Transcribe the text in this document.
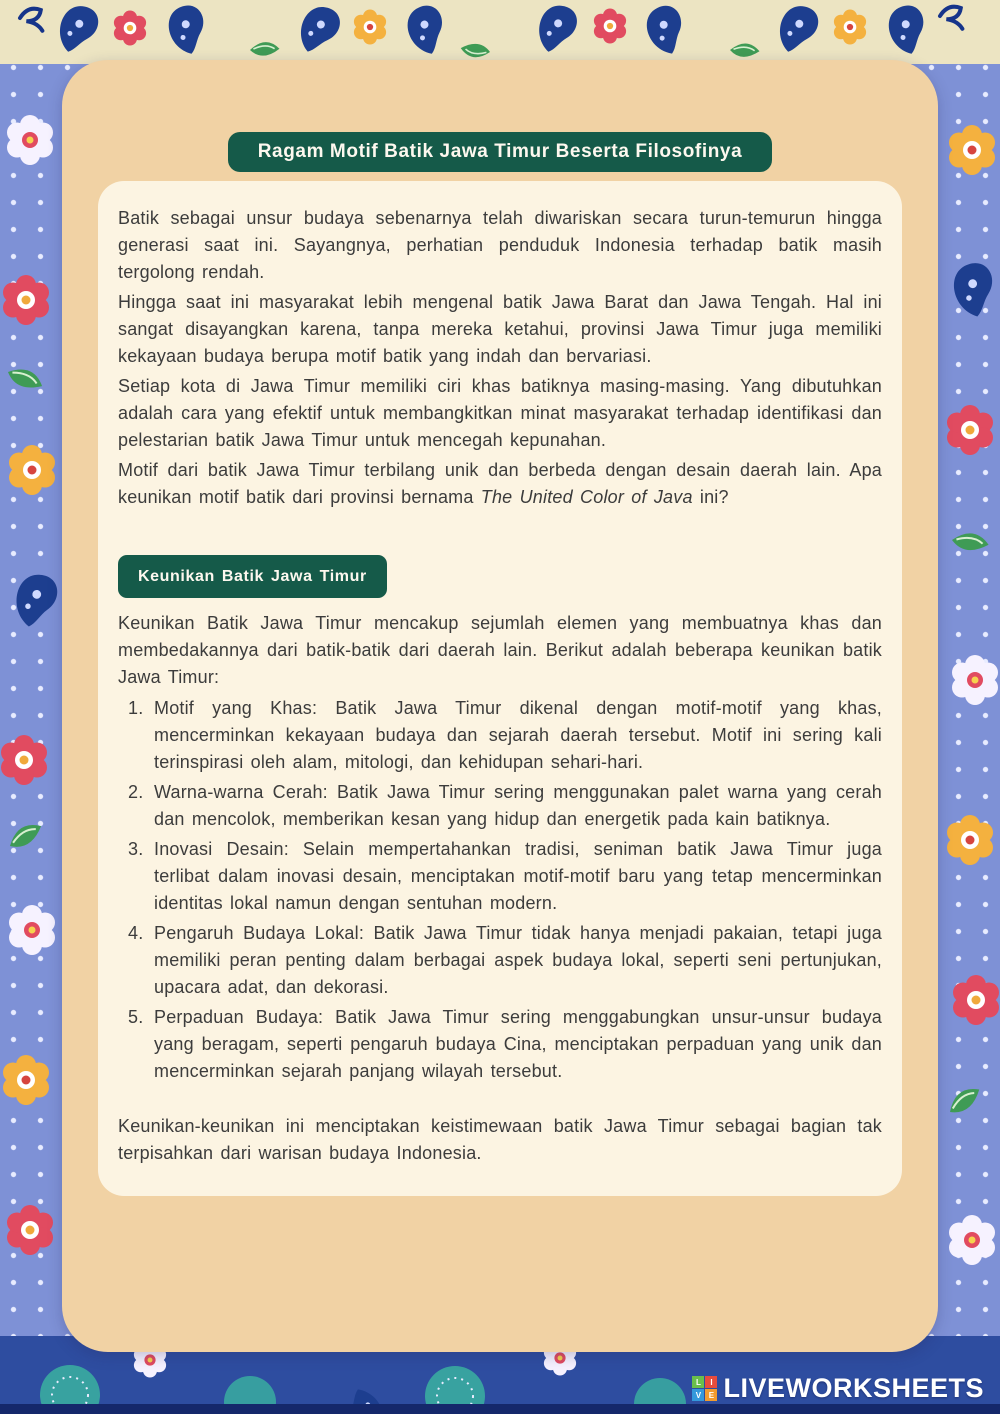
Ragam Motif Batik Jawa Timur Beserta Filosofinya

Batik sebagai unsur budaya sebenarnya telah diwariskan secara turun-temurun hingga generasi saat ini. Sayangnya, perhatian penduduk Indonesia terhadap batik masih tergolong rendah.

Hingga saat ini masyarakat lebih mengenal batik Jawa Barat dan Jawa Tengah. Hal ini sangat disayangkan karena, tanpa mereka ketahui, provinsi Jawa Timur juga memiliki kekayaan budaya berupa motif batik yang indah dan bervariasi.

Setiap kota di Jawa Timur memiliki ciri khas batiknya masing-masing. Yang dibutuhkan adalah cara yang efektif untuk membangkitkan minat masyarakat terhadap identifikasi dan pelestarian batik Jawa Timur untuk mencegah kepunahan.

Motif dari batik Jawa Timur terbilang unik dan berbeda dengan desain daerah lain. Apa keunikan motif batik dari provinsi bernama The United Color of Java ini?

Keunikan Batik Jawa Timur

Keunikan Batik Jawa Timur mencakup sejumlah elemen yang membuatnya khas dan membedakannya dari batik-batik dari daerah lain. Berikut adalah beberapa keunikan batik Jawa Timur:

1. Motif yang Khas: Batik Jawa Timur dikenal dengan motif-motif yang khas, mencerminkan kekayaan budaya dan sejarah daerah tersebut. Motif ini sering kali terinspirasi oleh alam, mitologi, dan kehidupan sehari-hari.
2. Warna-warna Cerah: Batik Jawa Timur sering menggunakan palet warna yang cerah dan mencolok, memberikan kesan yang hidup dan energetik pada kain batiknya.
3. Inovasi Desain: Selain mempertahankan tradisi, seniman batik Jawa Timur juga terlibat dalam inovasi desain, menciptakan motif-motif baru yang tetap mencerminkan identitas lokal namun dengan sentuhan modern.
4. Pengaruh Budaya Lokal: Batik Jawa Timur tidak hanya menjadi pakaian, tetapi juga memiliki peran penting dalam berbagai aspek budaya lokal, seperti seni pertunjukan, upacara adat, dan dekorasi.
5. Perpaduan Budaya: Batik Jawa Timur sering menggabungkan unsur-unsur budaya yang beragam, seperti pengaruh budaya Cina, menciptakan perpaduan yang unik dan mencerminkan sejarah panjang wilayah tersebut.

Keunikan-keunikan ini menciptakan keistimewaan batik Jawa Timur sebagai bagian tak terpisahkan dari warisan budaya Indonesia.

L	I
V E LIVEWORKSHEETS
